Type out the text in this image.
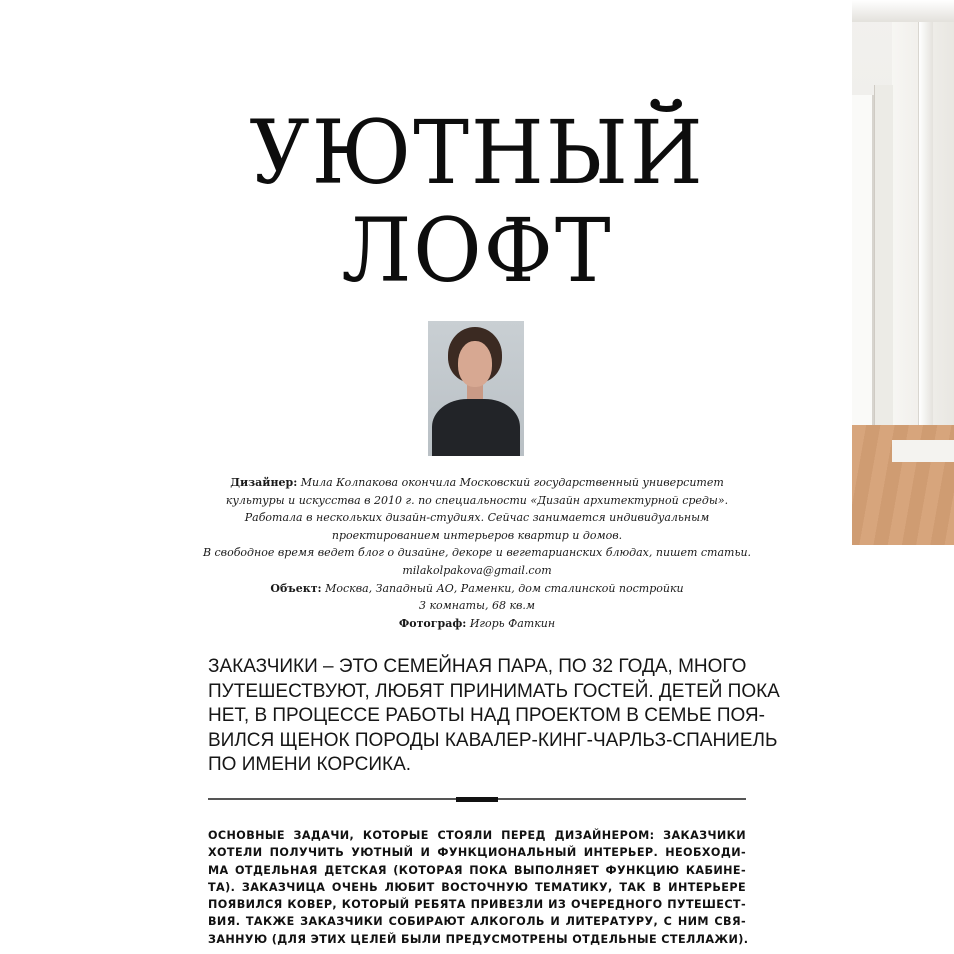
УЮТНЫЙ
ЛОФТ
Дизайнер: Мила Колпакова окончила Московский государственный университет
культуры и искусства в 2010 г. по специальности «Дизайн архитектурной среды».
Работала в нескольких дизайн-студиях. Сейчас занимается индивидуальным
проектированием интерьеров квартир и домов.
В свободное время ведет блог о дизайне, декоре и вегетарианских блюдах, пишет статьи.
milakolpakova@gmail.com
Объект: Москва, Западный АО, Раменки, дом сталинской постройки
3 комнаты, 68 кв.м
Фотограф: Игорь Фаткин
ЗАКАЗЧИКИ – ЭТО СЕМЕЙНАЯ ПАРА, ПО 32 ГОДА, МНОГО
ПУТЕШЕСТВУЮТ, ЛЮБЯТ ПРИНИМАТЬ ГОСТЕЙ. ДЕТЕЙ ПОКА
НЕТ, В ПРОЦЕССЕ РАБОТЫ НАД ПРОЕКТОМ В СЕМЬЕ ПОЯ-
ВИЛСЯ ЩЕНОК ПОРОДЫ КАВАЛЕР-КИНГ-ЧАРЛЬЗ-СПАНИЕЛЬ
ПО ИМЕНИ КОРСИКА.
ОСНОВНЫЕ ЗАДАЧИ, КОТОРЫЕ СТОЯЛИ ПЕРЕД ДИЗАЙНЕРОМ: ЗАКАЗЧИКИ
ХОТЕЛИ ПОЛУЧИТЬ УЮТНЫЙ И ФУНКЦИОНАЛЬНЫЙ ИНТЕРЬЕР. НЕОБХОДИ-
МА ОТДЕЛЬНАЯ ДЕТСКАЯ (КОТОРАЯ ПОКА ВЫПОЛНЯЕТ ФУНКЦИЮ КАБИНЕ-
ТА). ЗАКАЗЧИЦА ОЧЕНЬ ЛЮБИТ ВОСТОЧНУЮ ТЕМАТИКУ, ТАК В ИНТЕРЬЕРЕ
ПОЯВИЛСЯ КОВЕР, КОТОРЫЙ РЕБЯТА ПРИВЕЗЛИ ИЗ ОЧЕРЕДНОГО ПУТЕШЕСТ-
ВИЯ. ТАКЖЕ ЗАКАЗЧИКИ СОБИРАЮТ АЛКОГОЛЬ И ЛИТЕРАТУРУ, С НИМ СВЯ-
ЗАННУЮ (ДЛЯ ЭТИХ ЦЕЛЕЙ БЫЛИ ПРЕДУСМОТРЕНЫ ОТДЕЛЬНЫЕ СТЕЛЛАЖИ).
